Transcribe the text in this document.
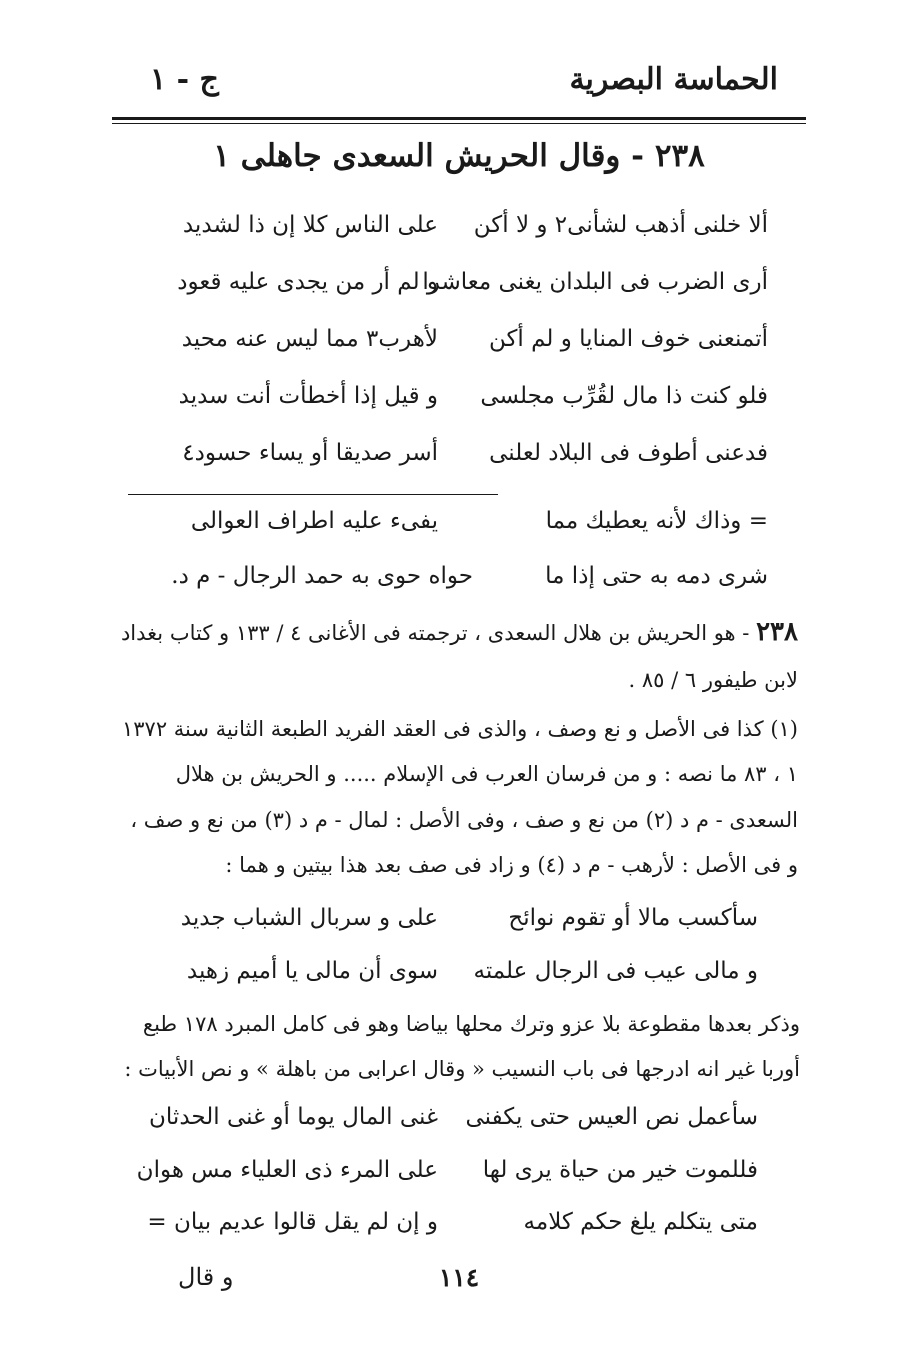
الحماسة البصرية
ج - ١
٢٣٨ - وقال الحريش السعدى جاهلى ١
ألا خلنى أذهب لشأنى٢ و لا أكن
على الناس كلا إن ذا لشديد
أرى الضرب فى البلدان يغنى معاشرا
و لم أر من يجدى عليه قعود
أتمنعنى خوف المنايا و لم أكن
لأهرب٣ مما ليس عنه محيد
فلو كنت ذا مال لقُرِّب مجلسى
و قيل إذا أخطأت أنت سديد
فدعنى أطوف فى البلاد لعلنى
أسر صديقا أو يساء حسود٤
= وذاك لأنه يعطيك مما
يفىء عليه اطراف العوالى
شرى دمه به حتى إذا ما
حواه حوى به حمد الرجال - م د.
٢٣٨ - هو الحريش بن هلال السعدى ، ترجمته فى الأغانى ٤ / ١٣٣ و كتاب بغداد
لابن طيفور ٦ / ٨٥ .
(١) كذا فى الأصل و نع وصف ، والذى فى العقد الفريد الطبعة الثانية سنة ١٣٧٢
١ ، ٨٣ ما نصه : و من فرسان العرب فى الإسلام ..... و الحريش بن هلال
السعدى - م د (٢) من نع و صف ، وفى الأصل : لمال - م د (٣) من نع و صف ،
و فى الأصل : لأرهب - م د (٤) و زاد فى صف بعد هذا بيتين و هما :
سأكسب مالا أو تقوم نوائح
على و سربال الشباب جديد
و مالى عيب فى الرجال علمته
سوى أن مالى يا أميم زهيد
وذكر بعدها مقطوعة بلا عزو وترك محلها بياضا وهو فى كامل المبرد ١٧٨ طبع
أوربا غير انه ادرجها فى باب النسيب « وقال اعرابى من باهلة » و نص الأبيات :
سأعمل نص العيس حتى يكفنى
غنى المال يوما أو غنى الحدثان
فللموت خير من حياة يرى لها
على المرء ذى العلياء مس هوان
متى يتكلم يلغ حكم كلامه
و إن لم يقل قالوا عديم بيان =
١١٤
و قال
